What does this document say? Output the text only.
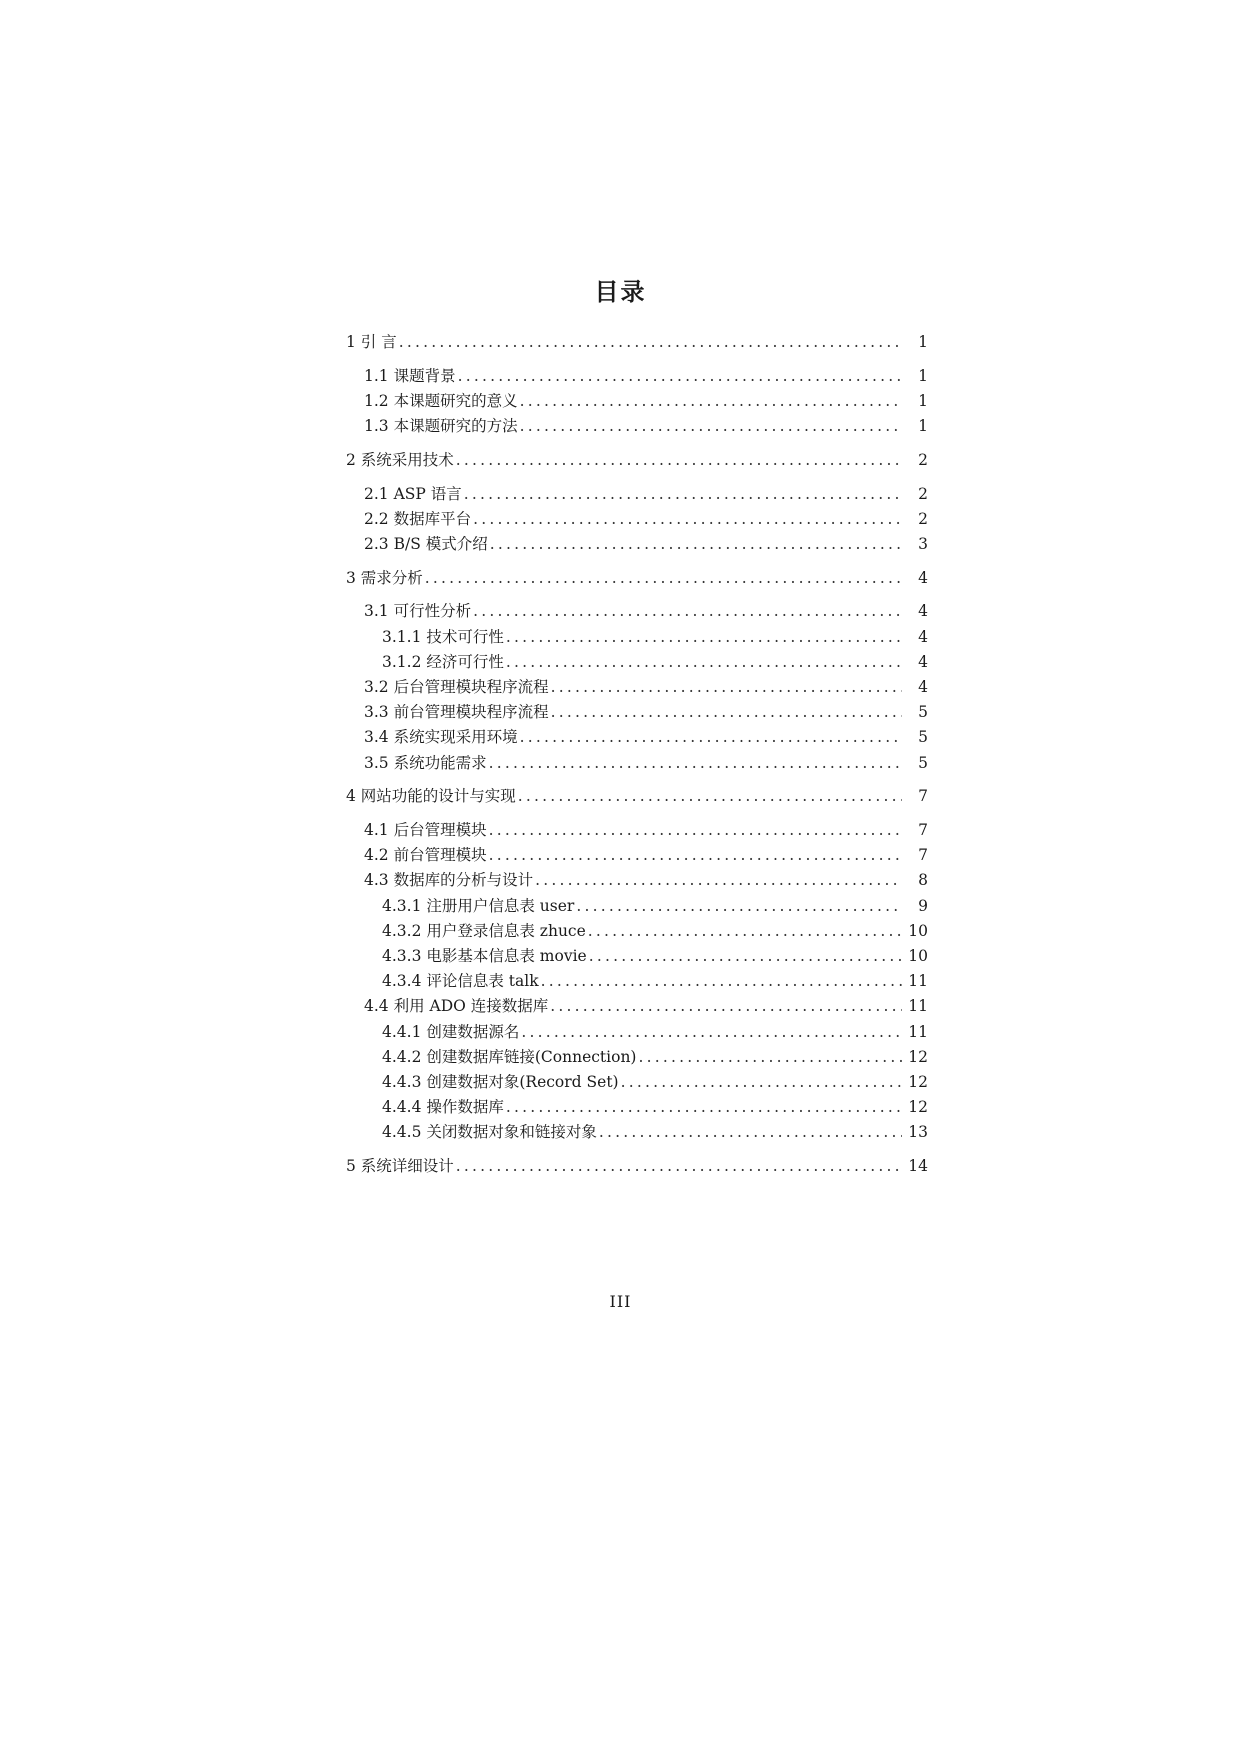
目录
1 引 言 .....	1
1.1 课题背景 .....	1
1.2 本课题研究的意义 .....	1
1.3 本课题研究的方法 .....	1
2 系统采用技术 .....	2
2.1 ASP 语言 .....	2
2.2 数据库平台 .....	2
2.3 B/S 模式介绍 .....	3
3 需求分析 .....	4
3.1 可行性分析 .....	4
3.1.1 技术可行性 .....	4
3.1.2 经济可行性 .....	4
3.2 后台管理模块程序流程 .....	4
3.3 前台管理模块程序流程 .....	5
3.4 系统实现采用环境 .....	5
3.5 系统功能需求 .....	5
4 网站功能的设计与实现 .....	7
4.1 后台管理模块 .....	7
4.2 前台管理模块 .....	7
4.3 数据库的分析与设计 .....	8
4.3.1 注册用户信息表 user .....	9
4.3.2 用户登录信息表 zhuce .....	10
4.3.3 电影基本信息表 movie .....	10
4.3.4 评论信息表 talk .....	11
4.4 利用 ADO 连接数据库 .....	11
4.4.1 创建数据源名 .....	11
4.4.2 创建数据库链接(Connection) .....	12
4.4.3 创建数据对象(Record Set) .....	12
4.4.4 操作数据库 .....	12
4.4.5 关闭数据对象和链接对象 .....	13
5 系统详细设计 .....	14
III
